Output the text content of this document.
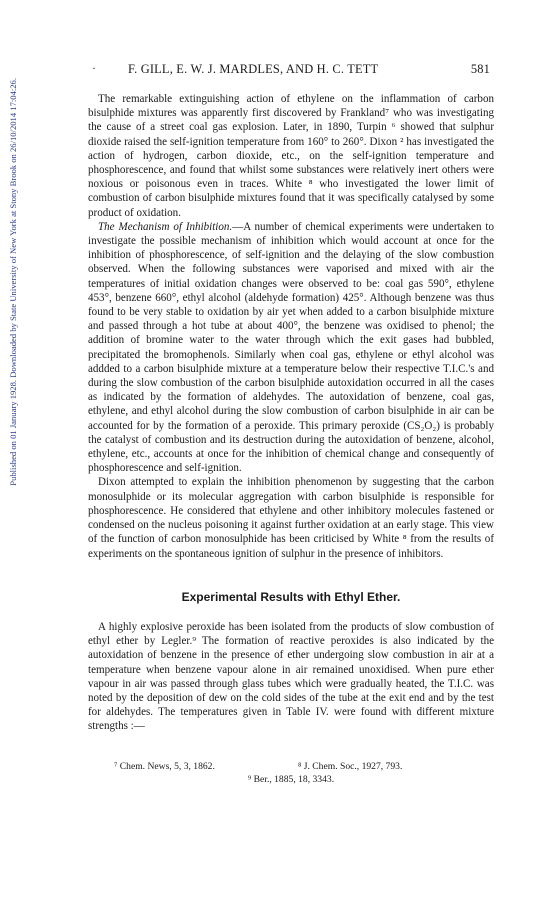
Published on 01 January 1928. Downloaded by State University of New York at Stony Brook on 26/10/2014 17:04:26.
·	F. GILL, E. W. J. MARDLES, AND H. C. TETT	581

The remarkable extinguishing action of ethylene on the inflammation of carbon bisulphide mixtures was apparently first discovered by Frankland⁷ who was investigating the cause of a street coal gas explosion. Later, in 1890, Turpin ⁶ showed that sulphur dioxide raised the self-ignition temperature from 160° to 260°. Dixon ² has investigated the action of hydrogen, carbon dioxide, etc., on the self-ignition temperature and phosphorescence, and found that whilst some substances were relatively inert others were noxious or poisonous even in traces. White ⁸ who investigated the lower limit of combustion of carbon bisulphide mixtures found that it was specifically catalysed by some product of oxidation.

The Mechanism of Inhibition.—A number of chemical experiments were undertaken to investigate the possible mechanism of inhibition which would account at once for the inhibition of phosphorescence, of self-ignition and the delaying of the slow combustion observed. When the following substances were vaporised and mixed with air the temperatures of initial oxidation changes were observed to be: coal gas 590°, ethylene 453°, benzene 660°, ethyl alcohol (aldehyde formation) 425°. Although benzene was thus found to be very stable to oxidation by air yet when added to a carbon bisulphide mixture and passed through a hot tube at about 400°, the benzene was oxidised to phenol; the addition of bromine water to the water through which the exit gases had bubbled, precipitated the bromophenols. Similarly when coal gas, ethylene or ethyl alcohol was addded to a carbon bisulphide mixture at a temperature below their respective T.I.C.'s and during the slow combustion of the carbon bisulphide autoxidation occurred in all the cases as indicated by the formation of aldehydes. The autoxidation of benzene, coal gas, ethylene, and ethyl alcohol during the slow combustion of carbon bisulphide in air can be accounted for by the formation of a peroxide. This primary peroxide (CS₂O₂) is probably the catalyst of combustion and its destruction during the autoxidation of benzene, alcohol, ethylene, etc., accounts at once for the inhibition of chemical change and consequently of phosphorescence and self-ignition.

Dixon attempted to explain the inhibition phenomenon by suggesting that the carbon monosulphide or its molecular aggregation with carbon bisulphide is responsible for phosphorescence. He considered that ethylene and other inhibitory molecules fastened or condensed on the nucleus poisoning it against further oxidation at an early stage. This view of the function of carbon monosulphide has been criticised by White ⁸ from the results of experiments on the spontaneous ignition of sulphur in the presence of inhibitors.

Experimental Results with Ethyl Ether.

A highly explosive peroxide has been isolated from the products of slow combustion of ethyl ether by Legler.⁹ The formation of reactive peroxides is also indicated by the autoxidation of benzene in the presence of ether undergoing slow combustion in air at a temperature when benzene vapour alone in air remained unoxidised. When pure ether vapour in air was passed through glass tubes which were gradually heated, the T.I.C. was noted by the deposition of dew on the cold sides of the tube at the exit end and by the test for aldehydes. The temperatures given in Table IV. were found with different mixture strengths :—

⁷ Chem. News, 5, 3, 1862.	⁸ J. Chem. Soc., 1927, 793.
⁹ Ber., 1885, 18, 3343.
